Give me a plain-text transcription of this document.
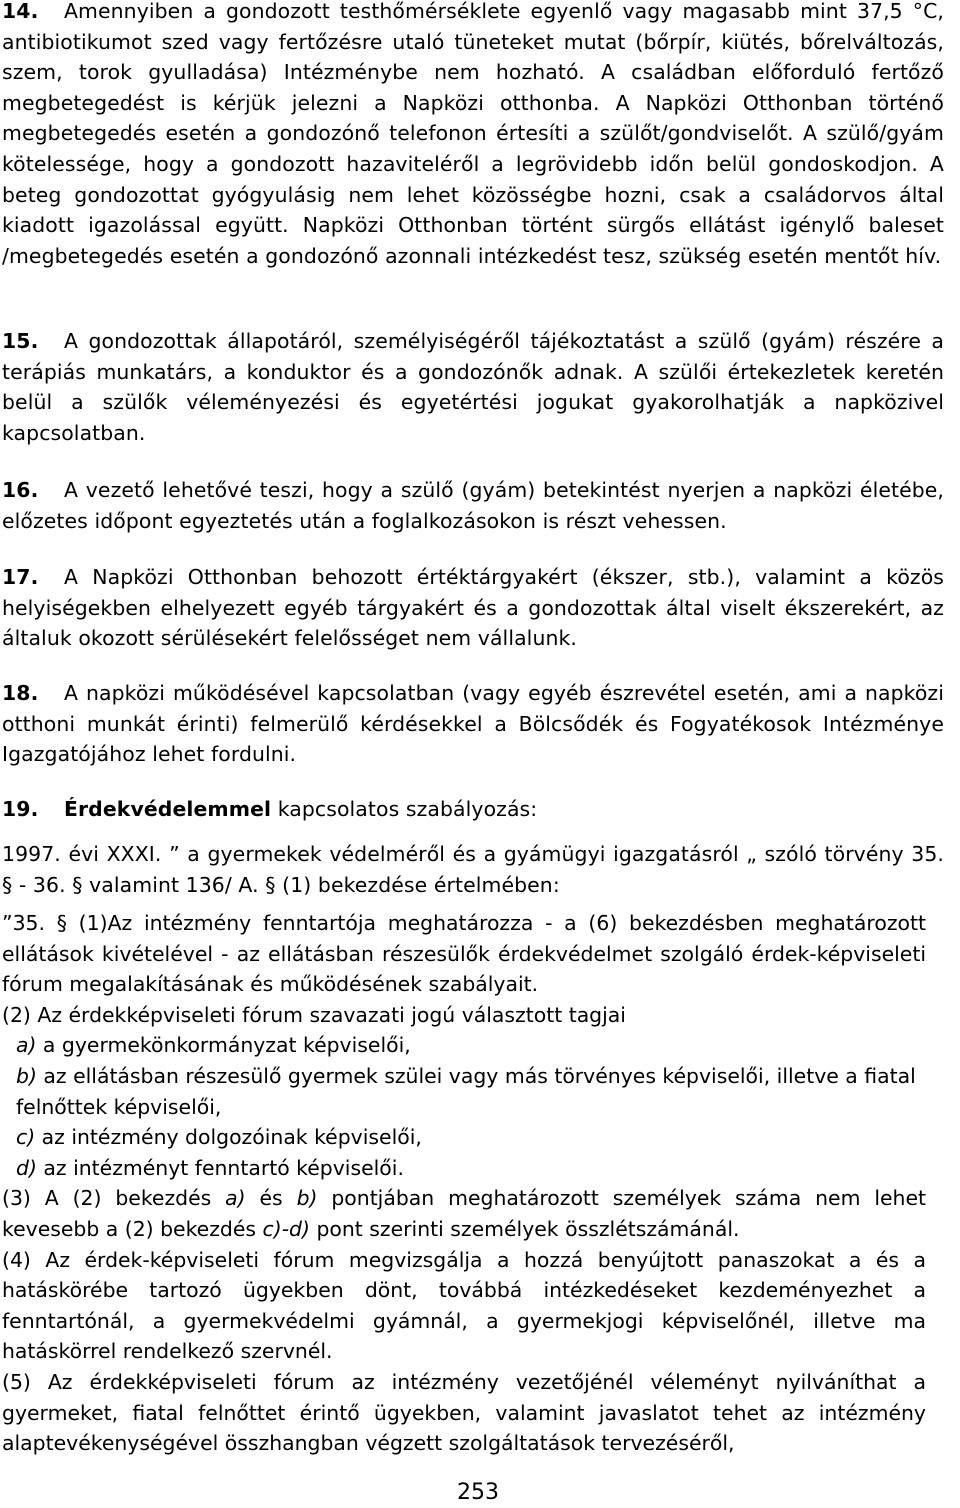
14. Amennyiben a gondozott testhőmérséklete egyenlő vagy magasabb mint 37,5 °C, antibiotikumot szed vagy fertőzésre utaló tüneteket mutat (bőrpír, kiütés, bőrelváltozás, szem, torok gyulladása) Intézménybe nem hozható. A családban előforduló fertőző megbetegedést is kérjük jelezni a Napközi otthonba. A Napközi Otthonban történő megbetegedés esetén a gondozónő telefonon értesíti a szülőt/gondviselőt. A szülő/gyám kötelessége, hogy a gondozott hazaviteléről a legrövidebb időn belül gondoskodjon. A beteg gondozottat gyógyulásig nem lehet közösségbe hozni, csak a családorvos által kiadott igazolással együtt. Napközi Otthonban történt sürgős ellátást igénylő baleset /megbetegedés esetén a gondozónő azonnali intézkedést tesz, szükség esetén mentőt hív.

15. A gondozottak állapotáról, személyiségéről tájékoztatást a szülő (gyám) részére a terápiás munkatárs, a konduktor és a gondozónők adnak. A szülői értekezletek keretén belül a szülők véleményezési és egyetértési jogukat gyakorolhatják a napközivel kapcsolatban.

16. A vezető lehetővé teszi, hogy a szülő (gyám) betekintést nyerjen a napközi életébe, előzetes időpont egyeztetés után a foglalkozásokon is részt vehessen.

17. A Napközi Otthonban behozott értéktárgyakért (ékszer, stb.), valamint a közös helyiségekben elhelyezett egyéb tárgyakért és a gondozottak által viselt ékszerekért, az általuk okozott sérülésekért felelősséget nem vállalunk.

18. A napközi működésével kapcsolatban (vagy egyéb észrevétel esetén, ami a napközi otthoni munkát érinti) felmerülő kérdésekkel a Bölcsődék és Fogyatékosok Intézménye Igazgatójához lehet fordulni.

19. Érdekvédelemmel kapcsolatos szabályozás:

1997. évi XXXI. ” a gyermekek védelméről és a gyámügyi igazgatásról „ szóló törvény 35. § - 36. § valamint 136/ A. § (1) bekezdése értelmében:

”35. § (1)Az intézmény fenntartója meghatározza - a (6) bekezdésben meghatározott ellátások kivételével - az ellátásban részesülők érdekvédelmet szolgáló érdek-képviseleti fórum megalakításának és működésének szabályait.

(2) Az érdekképviseleti fórum szavazati jogú választott tagjai

a) a gyermekönkormányzat képviselői,

b) az ellátásban részesülő gyermek szülei vagy más törvényes képviselői, illetve a fiatal felnőttek képviselői,

c) az intézmény dolgozóinak képviselői,

d) az intézményt fenntartó képviselői.

(3) A (2) bekezdés a) és b) pontjában meghatározott személyek száma nem lehet kevesebb a (2) bekezdés c)-d) pont szerinti személyek összlétszámánál.

(4) Az érdek-képviseleti fórum megvizsgálja a hozzá benyújtott panaszokat a és a hatáskörébe tartozó ügyekben dönt, továbbá intézkedéseket kezdeményezhet a fenntartónál, a gyermekvédelmi gyámnál, a gyermekjogi képviselőnél, illetve ma hatáskörrel rendelkező szervnél.

(5) Az érdekképviseleti fórum az intézmény vezetőjénél véleményt nyilváníthat a gyermeket, fiatal felnőttet érintő ügyekben, valamint javaslatot tehet az intézmény alaptevékenységével összhangban végzett szolgáltatások tervezéséről,

253
